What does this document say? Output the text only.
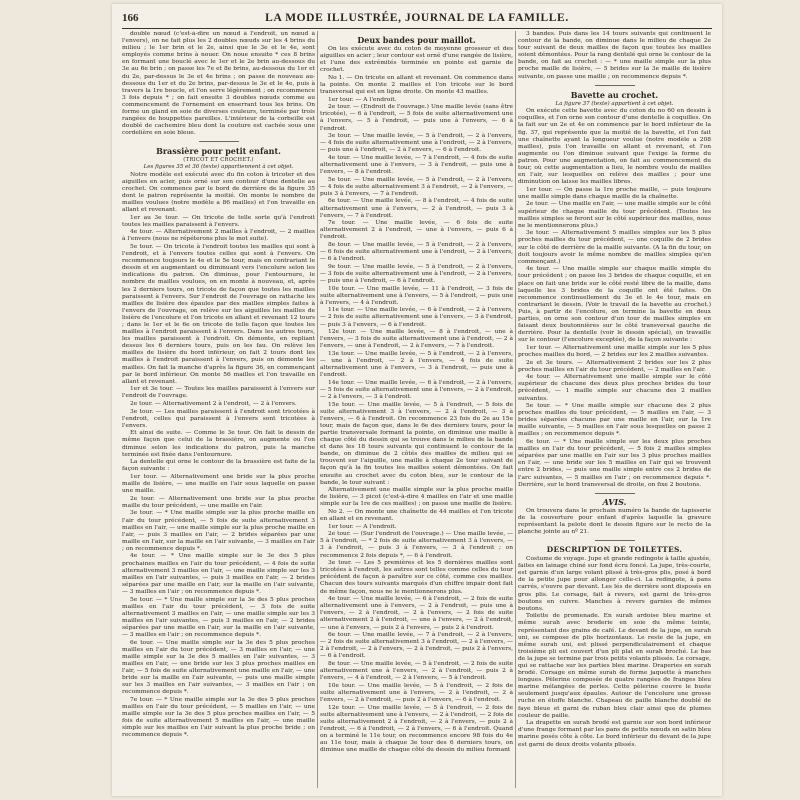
166	LA MODE ILLUSTRÉE, JOURNAL DE LA FAMILLE.

double nœud (c'est-à-dire un nœud à l'endroit, un nœud à l'envers), on ne fait plus les 2 doubles nœuds sur les 4 brins du milieu ; le 1er brin et le 2e, ainsi que le 3e et le 4e, sont employés comme brins à nouer. On noue ensuite * ces 8 brins en formant une bouclé avec le 1er et le 2e brin au-dessous du 3e au 6e brin ; on passe les 7e et 8e brins, au-dessous du 1er et du 2e, par-dessus le 3e et 4e brins ; on passe de nouveau au-dessous du 1er et du 2e brins, par-dessus le 3e et le 4e, puis à travers la 1re boucle, et l'on serre légèrement ; on recommence 3 fois depuis * ; on fait ensuite 3 doubles nœuds comme au commencement de l'ornement en enserrant tous les brins. On forme un gland en soie de diverses couleurs, terminée par trois rangées de houppettes pareilles. L'intérieur de la corbeille est doublé de cachemire bleu dont la couture est cachée sous une cordelière en soie bleue.

Brassière pour petit enfant.
(TRICOT ET CROCHET.)
Les figures 35 et 36 (texte) appartiennent à cet objet.

Notre modèle est exécuté avec du fin coton à tricoter et des aiguilles en acier, puis orné sur son contour d'une dentelle au crochet. On commence par le bord de derrière de la figure 35 dont le patron représente la moitié. On monte le nombre de mailles voulues (notre modèle a 86 mailles) et l'on travaille en allant et revenant.

1er au 3e tour. — On tricote de telle sorte qu'à l'endroit toutes les mailles paraissent à l'envers.

4e tour. — Alternativement 2 mailles à l'endroit, — 2 mailles à l'envers (nous ne répéterons plus le mot suite).

5e tour. — On tricote à l'endroit toutes les mailles qui sont à l'endroit, et à l'envers toutes celles qui sont à l'envers. On recommence toujours le 4e et le 5e tour, mais en contrariant le dessin et en augmentant ou diminuant vers l'encolure selon les indications du patron. On diminue, pour l'entournure, le nombre de mailles voulues, on en monte à nouveau, et, après les 2 derniers tours, on tricote de façon que toutes les mailles paraissent à l'envers. Sur l'endroit de l'ouvrage on rattache les mailles de lisière des épaules par des mailles simples faites à l'envers de l'ouvrage, on relève sur les aiguilles les mailles de lisière de l'encolure et l'on tricote en allant et revenant 12 tours ; dans le 1er et le 6e on tricote de telle façon que toutes les mailles à l'endroit paraissent à l'envers. Dans les autres tours, les mailles paraissent à l'endroit. On démonte, en repliant dessus les 6 derniers tours, puis on les fau. On relève les mailles de lisière du bord inférieur, on fait 2 tours dont les mailles à l'endroit paraissent à l'envers, puis on démonte les mailles. On fait la manche d'après la figure 36, en commençant par le bord inférieur. On monte 56 mailles et l'on travaille en allant et revenant.

1er et 3e tour. — Toutes les mailles paraissent à l'envers sur l'endroit de l'ouvrage.

2e tour. — Alternativement 2 à l'endroit, — 2 à l'envers.

3e tour. — Les mailles paraissent à l'endroit sont tricotées à l'endroit, celles qui paraissent à l'envers sont tricotées à l'envers.

Et ainsi de suite. — Comme le 3e tour. On fait le dessin de même façon que celui de la brassière, on augmente ou l'on diminue selon les indications du patron, puis la manche terminée est fixée dans l'entournure.

La dentelle qui orne le contour de la brassière est faite de la façon suivante :

1er tour. — Alternativement une bride sur la plus proche maille de lisière, — une maille en l'air sous laquelle on passe une maille.

2e tour. — Alternativement une bride sur la plus proche maille du tour précédent, — une maille en l'air.

3e tour. — * Une maille simple sur la plus proche maille en l'air du tour précédent, — 5 fois de suite alternativement 3 mailles en l'air, — une maille simple sur la plus proche maille en l'air, — puis 3 mailles en l'air, — 2 brides séparées par une maille en l'air, sur la maille en l'air suivante, — 3 mailles en l'air ; on recommence depuis *.

4e tour. — * Une maille simple sur le 3e des 5 plus prochaines mailles en l'air du tour précédent, — 4 fois de suite alternativement 3 mailles en l'air, — une maille simple sur les 3 mailles en l'air suivantes, — puis 3 mailles en l'air, — 2 brides séparées par une maille en l'air, sur la maille en l'air suivante, — 3 mailles en l'air ; on recommence depuis *.

5e tour. — * Une maille simple sur la 3e des 5 plus proches mailles en l'air du tour précédent, — 3 fois de suite alternativement 3 mailles en l'air, — une maille simple sur les 3 mailles en l'air suivantes, — puis 3 mailles en l'air, — 2 brides séparées par une maille en l'air, sur la maille en l'air suivante, — 3 mailles en l'air ; on recommence depuis *.

6e tour. — Une maille simple sur la 3e des 5 plus proches mailles en l'air du tour précédent, — 3 mailles en l'air, — une maille simple sur la 3e des 5 mailles en l'air suivantes, — 3 mailles en l'air, — une bride sur les 3 plus proches mailles en l'air, — 5 fois de suite alternativement une maille en l'air, — une bride sur la maille en l'air suivante, — puis une maille simple sur les 3 mailles en l'air suivantes, — 3 mailles en l'air ; on recommence depuis *.

7e tour. — * Une maille simple sur la 3e des 5 plus proches mailles en l'air du tour précédent, — 5 mailles en l'air, — une maille simple sur la 3e des 5 plus proches mailles en l'air, — 5 fois de suite alternativement 5 mailles en l'air, — une maille simple sur les mailles en l'air suivant la plus proche bride ; on recommence depuis *.

Deux bandes pour maillot.

On les exécute avec du coton de moyenne grosseur et des aiguilles en acier ; leur contour est orné d'une rangée de lisière, et l'une des extrémités terminée en pointe est garnie de crochet.

No 1. — On tricote en allant et revenant. On commence dans la pointe. On monte 2 mailles et l'on tricote sur le bord transversal qui est en ligne droite. On monte 43 mailles.

1er tour. — A l'endroit.

2e tour. — (Endroit de l'ouvrage.) Une maille levée (sans être tricotée), — 6 à l'endroit, — 5 fois de suite alternativement une à l'envers, — 5 à l'endroit, — puis une à l'envers, — 6 à l'endroit.

3e tour. — Une maille levée, — 5 à l'endroit, — 2 à l'envers, — 4 fois de suite alternativement une à l'endroit, — 2 à l'envers, — puis une à l'endroit, — 2 à l'envers, — 6 à l'endroit.

4e tour. — Une maille levée, — 7 à l'endroit, — 4 fois de suite alternativement une à l'envers, — 3 à l'endroit, — puis une à l'envers, — 8 à l'endroit.

5e tour. — Une maille levée, — 5 à l'endroit, — 2 à l'envers, — 4 fois de suite alternativement 3 à l'endroit, — 2 à l'envers, — puis 3 à l'envers, — 7 à l'endroit.

6e tour. — Une maille levée, — 8 à l'endroit, — 4 fois de suite alternativement une à l'envers, — 2 à l'endroit, — puis 3 à l'envers, — 7 à l'endroit.

7e tour. — Une maille levée, — 6 fois de suite alternativement 2 à l'endroit, — une à l'envers, — puis 6 à l'endroit.

8e tour. — Une maille levée, — 5 à l'endroit, — 2 à l'envers, — 6 fois de suite alternativement une à l'endroit, — 2 à l'envers, — 6 à l'endroit.

9e tour. — Une maille levée, — 5 à l'endroit, — 2 à l'envers, — 3 fois de suite alternativement une à l'endroit, — 2 à l'envers, — puis une à l'endroit, — 6 à l'endroit.

10e tour. — Une maille levée, — 11 à l'endroit, — 3 fois de suite alternativement une à l'envers, — 5 à l'endroit, — puis une à l'envers, — 4 à l'endroit.

11e tour. — Une maille levée, — 6 à l'endroit, — 2 à l'envers, — 2 fois de suite alternativement une à l'envers, — 3 à l'endroit, — puis 3 à l'envers, — 6 à l'endroit.

12e tour. — Une maille levée, — 8 à l'endroit, — une à l'envers, — 3 fois de suite alternativement une à l'endroit, — 2 à l'envers, — une à l'endroit, — 2 à l'envers, — 7 à l'endroit.

13e tour. — Une maille levée, — 5 à l'endroit, — 2 à l'envers, — une à l'endroit, — 2 à l'envers, — 4 fois de suite alternativement une à l'envers, — 3 à l'endroit, — puis une à l'endroit.

14e tour. — Une maille levée, — 6 à l'endroit, — 2 à l'envers, — 5 fois de suite alternativement une à l'envers, — 2 à l'endroit, — 2 à l'envers, — 3 à l'endroit.

15e tour. — Une maille levée, — 5 à l'endroit, — 5 fois de suite alternativement 3 à l'envers, — 2 à l'endroit, — 3 à l'envers, — 6 à l'endroit. On recommence 23 fois du 2e au 15e tour, mais de façon que, dans le 6e des derniers tours, pour la partie transversale formant la pointe, on diminue une maille à chaque côté du dessin qui se trouve dans le milieu de la bande et dans les 18 tours suivants qui continuent le contour de la bande, on diminue de 2 côtés des mailles de milieu qui se trouvent sur l'aiguille, une maille à chaque 2e tour suivant de façon qu'à la fin toutes les mailles soient démontées. On fait ensuite au crochet avec du coton bleu, sur le contour de la bande, le tour suivant :

Alternativement une maille simple sur la plus proche maille de lisière, — 3 picot (c'est-à-dire 4 mailles en l'air et une maille simple sur la 1re de ces mailles) ; on passe une maille de lisière.

No 2. — On monte une chaînette de 44 mailles et l'on tricote en allant et en revenant.

1er tour. — A l'endroit.

2e tour. — (Sur l'endroit de l'ouvrage.) — Une maille levée, — 5 à l'endroit, — * 2 fois de suite alternativement 3 à l'envers, — 3 à l'endroit, — puis 3 à l'envers, — 3 à l'endroit ; on recommence 2 fois depuis *, — 6 à l'endroit.

3e tour. — Les 5 premières et les 5 dernières mailles sont tricotées à l'endroit, les autres sont telles comme celles du tour précédent de façon à paraître sur ce côté, comme ces mailles. Chacun des tours suivants marqués d'un chiffre impair dont fait de même façon, nous ne le mentionnerons plus.

4e tour. — Une maille levée, — 6 à l'endroit, — 2 fois de suite alternativement une à l'envers, — 2 à l'endroit, — puis une à l'envers, — 2 à l'endroit, — 2 à l'envers, — 2 fois de suite alternativement 2 à l'endroit, — une à l'envers, — 2 à l'endroit, — une à l'envers, — puis 2 à l'envers, — puis 2 à l'endroit.

6e tour. — Une maille levée, — 7 à l'endroit, — 2 à l'envers, — 2 fois de suite alternativement 3 à l'endroit, — 2 à l'envers, — 2 à l'endroit, — 2 à l'envers, — 2 à l'endroit, — puis 2 à l'envers, — 6 à l'endroit.

8e tour. — Une maille levée, — 5 à l'endroit, — 2 fois de suite alternativement une à l'envers, — 2 à l'endroit, — puis 2 à l'envers, — 4 à l'endroit, — 2 à l'envers, — 5 à l'endroit.

10e tour. — Une maille levée, — 5 à l'endroit, — 2 fois de suite alternativement une à l'envers, — 2 à l'endroit, — 2 à l'envers, — 2 à l'endroit, — puis 2 à l'envers, — 6 à l'endroit.

12e tour. — Une maille levée, — 5 à l'endroit, — 2 fois de suite alternativement une à l'envers, — 2 à l'endroit, — 2 fois de suite alternativement 2 à l'endroit, — 2 à l'envers, — puis 2 à l'endroit, — 6 à l'endroit, — 2 à l'envers, — 6 à l'endroit. Quand on a terminé le 11e tour, on recommence encore 98 fois du 4e au 11e tour, mais à chaque 3e tour des 6 derniers tours, on diminue une maille de chaque côté du dessin du milieu formant

3 bandes. Puis dans les 14 tours suivants qui continuent le contour de la bande, on diminue dans le milieu de chaque 2e tour suivant de deux mailles de façon que toutes les mailles soient démontées. Pour la rang dentelé qui orne le contour de la bande, on fait au crochet : — * une maille simple sur la plus proche maille de lisière, — 5 brides sur la 3e maille de lisière suivante, on passe une maille ; on recommence depuis *.

Bavette au crochet.
La figure 37 (texte) appartient à cet objet.

On exécute cette bavette avec du coton du no 60 en dessin à coquilles, et l'on orne son contour d'une dentelle à coquilles. On la fait sur un 2e et 4e on commence par le bord inférieur de la fig. 37, qui représente que la moitié de la bavette, et l'on fait une chaînette ayant la longueur voulue (notre modèle a 208 mailles), puis l'on travaille en allant et revenant, et l'on augmente ou l'on diminue suivant que l'exige la forme du patron. Pour une augmentation, on fait au commencement du tour, où cette augmentation a lieu, le nombre voulu de mailles en l'air, sur lesquelles on relève des mailles ; pour une diminution on laisse les mailles libres.

1er tour. — On passe la 1re proche maille, — puis toujours une maille simple dans chaque maille de la chaînette.

2e tour. — Une maille en l'air, — une maille simple sur le côté supérieur de chaque maille du tour précédent. (Toutes les mailles simples se feront sur le côté supérieur des mailles, nous ne le mentionnerons plus.)

3e tour. — Alternativement 5 mailles simples sur les 5 plus proches mailles du tour précédent, — une coquille de 2 brides sur le côté de derrière de la maille suivante. (A la fin du tour, on doit toujours avoir le même nombre de mailles simples qu'en commençant.)

4e tour. — Une maille simple sur chaque maille simple du tour précédent ; on passe les 3 brides de chaque coquille, et en place on fait une bride sur le côté resté libre de la maille, dans laquelle les 3 brides de la coquille ont été faites. On recommence continuellement du 3e et le 4e tour, mais en contrariant le dessin. (Voir le travail de la bavette au crochet.) Puis, à partir de l'encolure, on termine la bavette en deux parties, on orne son contour d'un tour de mailles simples en faisant deux boutonnières sur le côté transversal gauche de derrière. Pour la dentelle (voir le dessin spécial), on travaille sur le contour (l'encolure exceptée), de la façon suivante :

1er tour. — Alternativement une maille simple sur les 5 plus proches mailles du bord, — 2 brides sur les 2 mailles suivantes.

2e et 3e tours. — Alternativement 2 brides sur les 2 plus proches mailles en l'air du tour précédent, — 2 mailles en l'air.

4e tour. — Alternativement une maille simple sur le côté supérieur de chacune des deux plus proches brides du tour précédent, — 1 maille simple sur chacune des 2 mailles suivantes.

5e tour. — * Une maille simple sur chacune des 2 plus proches mailles du tour précédent, — 5 mailles en l'air, — 3 brides séparées chacune par une maille en l'air, sur la 1re maille suivante, — 5 mailles en l'air sous lesquelles on passe 2 mailles ; on recommence depuis *.

6e tour. — * Une maille simple sur les deux plus proches mailles en l'air du tour précédent, — 5 fois 2 mailles simples séparées par une maille en l'air sur les 3 plus proches mailles en l'air, — une bride sur les 5 mailles en l'air qui se trouvent entre 2 brides, — puis une maille simple entre ces 2 brides de l'arc suivantes, — 5 mailles en l'air ; on recommence depuis *. Derrière, sur le bord transversal de droite, on fixe 2 boutons.

AVIS.

On trouvera dans le prochain numéro la bande de tapisserie de la couverture pour enfant d'après laquelle la gravure représentant la pelote dont le dessin figure sur le recto de la planche jointe au nº 21.

DESCRIPTION DE TOILETTES.

Costume de voyage. Jupe et grande redingote à taille ajustée, faites en lainage chiné sur fond écru foncé. La jupe, très-courte, est garnie d'un large volant plissé à très-gros plis, posé à bord de la petite jupe pour allonger celle-ci. La redingote, à pans carrés, s'ouvre par devant. Les lés de derrière sont disposés en gros plis. Le corsage, fait à revers, est garni de très-gros boutons en cuivre. Manches à revers garnies de mêmes boutons.

Toilette de promenade. En surah ardoise bleu marine et même surah avec broderie en soie du même teinte, représentant des grains de café. Le devant de la jupe, en surah uni, se compose de plis horizontaux. Le reste de la jupe, en même surah uni, est plissé perpendiculairement et chaque troisième pli est couvert d'un pli plat en surah broché. Le bas de la jupe se termine par trois petits volants plissés. Le corsage, qui se rattache sur les parties bleu marine. Draperies en surah brodé. Corsage en même surah de forme jaquette à manches longues. Pèlerine composée de quatre rangées de franges bleu marine mélangées de perles. Cette pèlerine couvre le buste seulement jusqu'aux épaules. Autour de l'encolure une grosse ruche en étoffe blanche. Chapeau de paille blanche doublé de faye bleue et garni de ruban bleu clair ainsi que de plumes couleur de paille.

La drapette en surah brodé est garnie sur son bord inférieur d'une frange formant par les pans de petits nœuds en satin bleu marine posés côte à côte. Le bord inférieur du devant de la jupe est garni de deux droits volants plissés.
